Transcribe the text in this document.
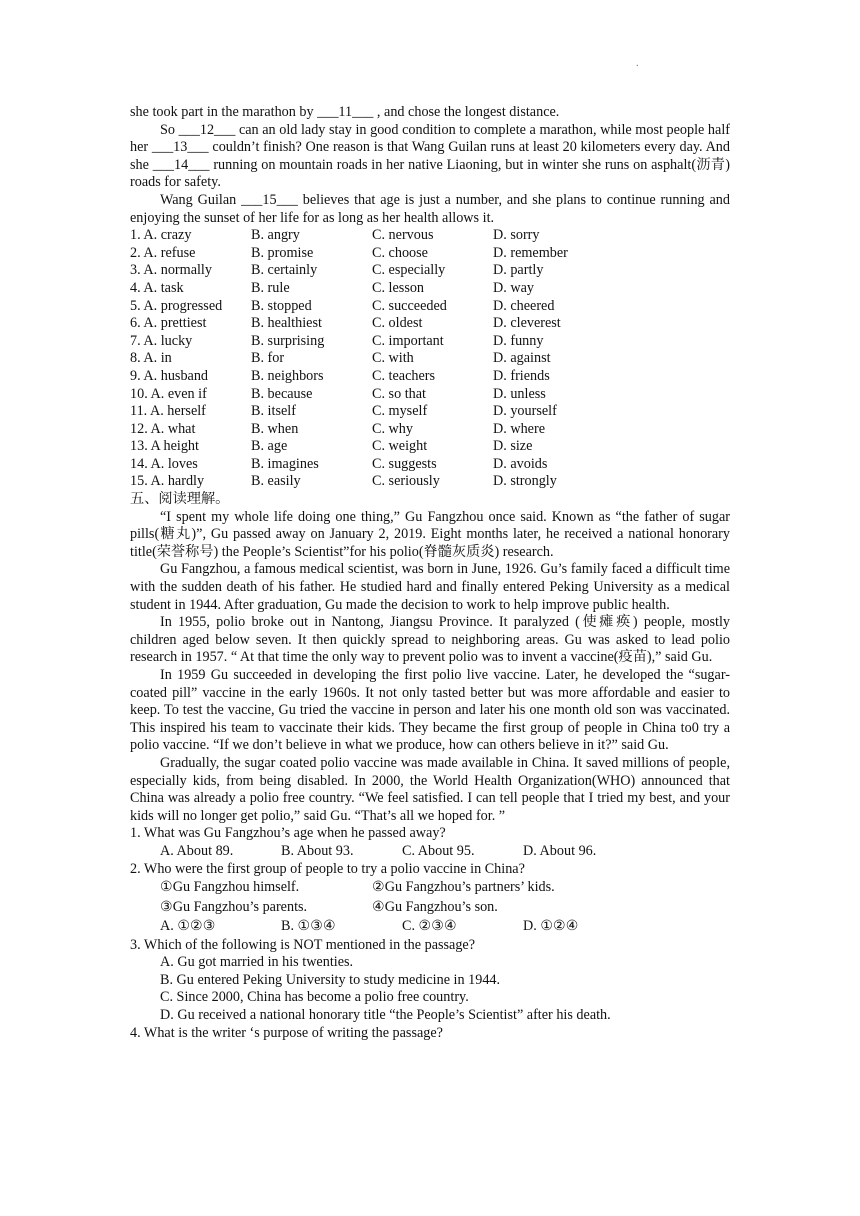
.

she took part in the marathon by ___11___ , and chose the longest distance.

So ___12___ can an old lady stay in good condition to complete a marathon, while most people half her ___13___ couldn’t finish? One reason is that Wang Guilan runs at least 20 kilometers every day. And she ___14___ running on mountain roads in her native Liaoning, but in winter she runs on asphalt(沥青) roads for safety.

Wang Guilan ___15___ believes that age is just a number, and she plans to continue running and enjoying the sunset of her life for as long as her health allows it.

1. A. crazy	B. angry	C. nervous	D. sorry
2. A. refuse	B. promise	C. choose	D. remember
3. A. normally	B. certainly	C. especially	D. partly
4. A. task	B. rule	C. lesson	D. way
5. A. progressed	B. stopped	C. succeeded	D. cheered
6. A. prettiest	B. healthiest	C. oldest	D. cleverest
7. A. lucky	B. surprising	C. important	D. funny
8. A. in	B. for	C. with	D. against
9. A. husband	B. neighbors	C. teachers	D. friends
10. A. even if	B. because	C. so that	D. unless
11. A. herself	B. itself	C. myself	D. yourself
12. A. what	B. when	C. why	D. where
13. A height	B. age	C. weight	D. size
14. A. loves	B. imagines	C. suggests	D. avoids
15. A. hardly	B. easily	C. seriously	D. strongly

五、阅读理解。

“I spent my whole life doing one thing,” Gu Fangzhou once said. Known as “the father of sugar pills(糖丸)”, Gu passed away on January 2, 2019. Eight months later, he received a national honorary title(荣誉称号) the People’s Scientist”for his polio(脊髓灰质炎) research.

Gu Fangzhou, a famous medical scientist, was born in June, 1926. Gu’s family faced a difficult time with the sudden death of his father. He studied hard and finally entered Peking University as a medical student in 1944. After graduation, Gu made the decision to work to help improve public health.

In 1955, polio broke out in Nantong, Jiangsu Province. It paralyzed (使瘫痪) people, mostly children aged below seven. It then quickly spread to neighboring areas. Gu was asked to lead polio research in 1957. “ At that time the only way to prevent polio was to invent a vaccine(疫苗),” said Gu.

In 1959 Gu succeeded in developing the first polio live vaccine. Later, he developed the “sugar-coated pill” vaccine in the early 1960s. It not only tasted better but was more affordable and easier to keep. To test the vaccine, Gu tried the vaccine in person and later his one month old son was vaccinated. This inspired his team to vaccinate their kids. They became the first group of people in China to0 try a polio vaccine. “If we don’t believe in what we produce, how can others believe in it?” said Gu.

Gradually, the sugar coated polio vaccine was made available in China. It saved millions of people, especially kids, from being disabled. In 2000, the World Health Organization(WHO) announced that China was already a polio free country. “We feel satisfied. I can tell people that I tried my best, and your kids will no longer get polio,” said Gu. “That’s all we hoped for. ”

1. What was Gu Fangzhou’s age when he passed away?

A. About 89.	B. About 93.	C. About 95.	D. About 96.

2. Who were the first group of people to try a polio vaccine in China?

①Gu Fangzhou himself.	②Gu Fangzhou’s partners’ kids.
③Gu Fangzhou’s parents.	④Gu Fangzhou’s son.
A. ①②③	B. ①③④	C. ②③④	D. ①②④

3. Which of the following is NOT mentioned in the passage?

A. Gu got married in his twenties.

B. Gu entered Peking University to study medicine in 1944.

C. Since 2000, China has become a polio free country.

D. Gu received a national honorary title “the People’s Scientist” after his death.

4. What is the writer ‘s purpose of writing the passage?
